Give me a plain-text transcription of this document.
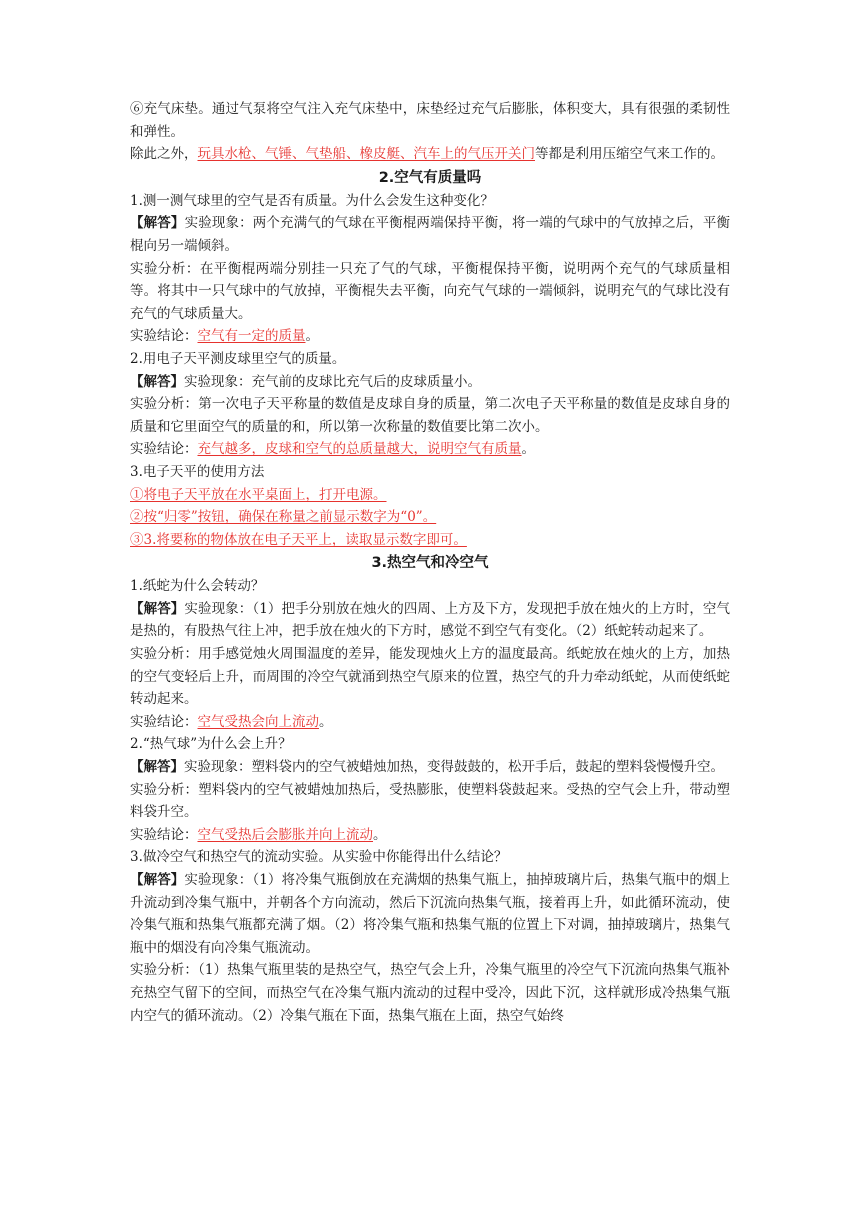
⑥充气床垫。通过气泵将空气注入充气床垫中，床垫经过充气后膨胀，体积变大，具有很强的柔韧性和弹性。

除此之外，玩具水枪、气锤、气垫船、橡皮艇、汽车上的气压开关门等都是利用压缩空气来工作的。

2.空气有质量吗

1.测一测气球里的空气是否有质量。为什么会发生这种变化？

【解答】实验现象：两个充满气的气球在平衡棍两端保持平衡，将一端的气球中的气放掉之后，平衡棍向另一端倾斜。

实验分析：在平衡棍两端分别挂一只充了气的气球，平衡棍保持平衡，说明两个充气的气球质量相等。将其中一只气球中的气放掉，平衡棍失去平衡，向充气气球的一端倾斜，说明充气的气球比没有充气的气球质量大。

实验结论：空气有一定的质量。

2.用电子天平测皮球里空气的质量。

【解答】实验现象：充气前的皮球比充气后的皮球质量小。

实验分析：第一次电子天平称量的数值是皮球自身的质量，第二次电子天平称量的数值是皮球自身的质量和它里面空气的质量的和，所以第一次称量的数值要比第二次小。

实验结论：充气越多，皮球和空气的总质量越大，说明空气有质量。

3.电子天平的使用方法

①将电子天平放在水平桌面上，打开电源。

②按“归零”按钮，确保在称量之前显示数字为“0”。

③3.将要称的物体放在电子天平上，读取显示数字即可。

3.热空气和冷空气

1.纸蛇为什么会转动？

【解答】实验现象：（1）把手分别放在烛火的四周、上方及下方，发现把手放在烛火的上方时，空气是热的，有股热气往上冲，把手放在烛火的下方时，感觉不到空气有变化。（2）纸蛇转动起来了。

实验分析：用手感觉烛火周围温度的差异，能发现烛火上方的温度最高。纸蛇放在烛火的上方，加热的空气变轻后上升，而周围的冷空气就涌到热空气原来的位置，热空气的升力牵动纸蛇，从而使纸蛇转动起来。

实验结论：空气受热会向上流动。

2.“热气球”为什么会上升？

【解答】实验现象：塑料袋内的空气被蜡烛加热，变得鼓鼓的，松开手后，鼓起的塑料袋慢慢升空。

实验分析：塑料袋内的空气被蜡烛加热后，受热膨胀，使塑料袋鼓起来。受热的空气会上升，带动塑料袋升空。

实验结论：空气受热后会膨胀并向上流动。

3.做冷空气和热空气的流动实验。从实验中你能得出什么结论？

【解答】实验现象：（1）将冷集气瓶倒放在充满烟的热集气瓶上，抽掉玻璃片后，热集气瓶中的烟上升流动到冷集气瓶中，并朝各个方向流动，然后下沉流向热集气瓶，接着再上升，如此循环流动，使冷集气瓶和热集气瓶都充满了烟。（2）将冷集气瓶和热集气瓶的位置上下对调，抽掉玻璃片，热集气瓶中的烟没有向冷集气瓶流动。

实验分析：（1）热集气瓶里装的是热空气，热空气会上升，冷集气瓶里的冷空气下沉流向热集气瓶补充热空气留下的空间，而热空气在冷集气瓶内流动的过程中受冷，因此下沉，这样就形成冷热集气瓶内空气的循环流动。（2）冷集气瓶在下面，热集气瓶在上面，热空气始终
